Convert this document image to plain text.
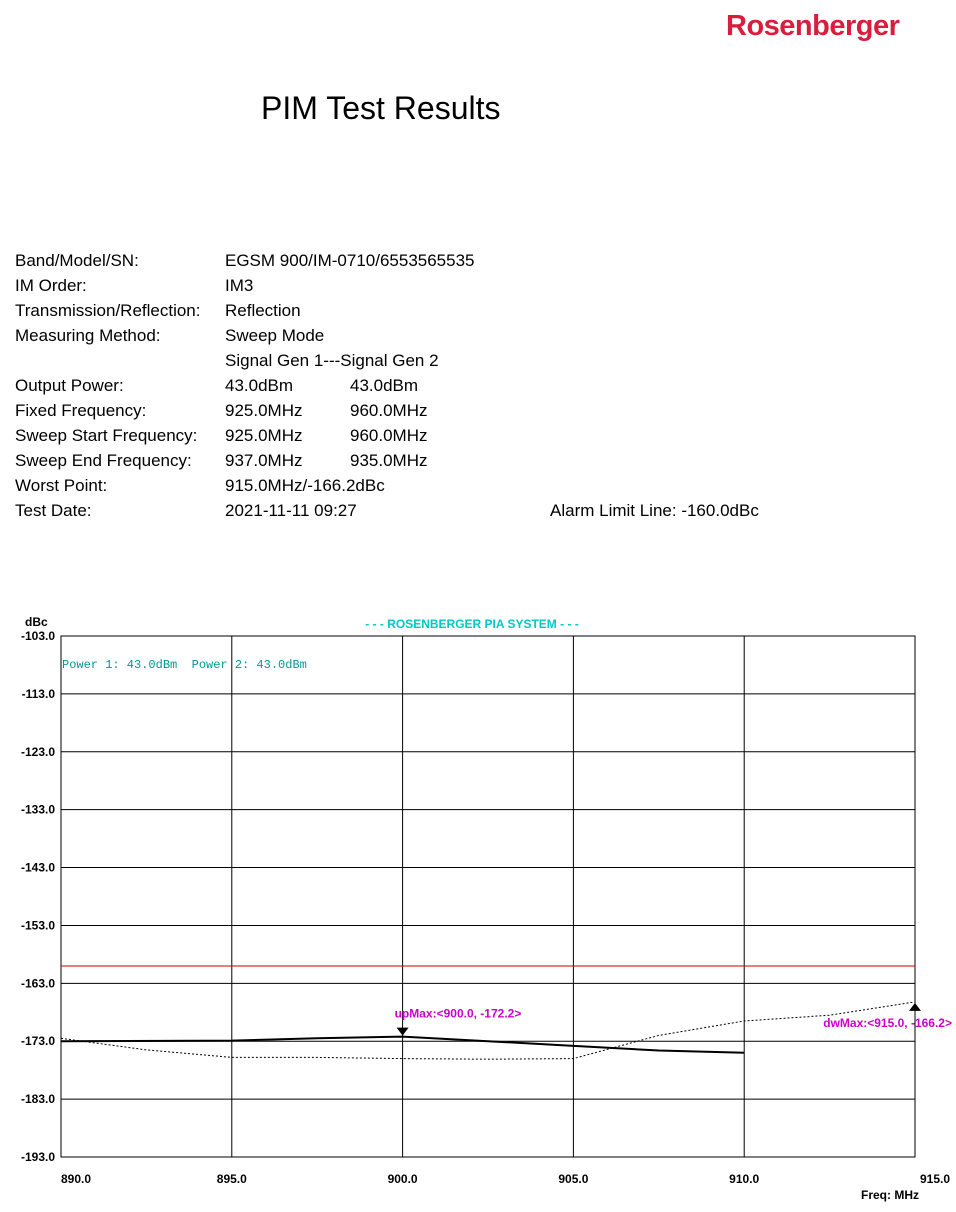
Rosenberger
PIM Test Results
Band/Model/SN:	EGSM 900/IM-0710/6553565535
IM Order:	IM3
Transmission/Reflection: Reflection
Measuring Method:	Sweep Mode
Signal Gen 1---Signal Gen 2
Output Power:	43.0dBm	43.0dBm
Fixed Frequency:	925.0MHz	960.0MHz
Sweep Start Frequency: 925.0MHz	960.0MHz
Sweep End Frequency: 937.0MHz	935.0MHz
Worst Point:	915.0MHz/-166.2dBc
Test Date:	2021-11-11 09:27	Alarm Limit Line: -160.0dBc
-103.0
-113.0
-123.0
-133.0
-143.0
-153.0
-163.0
-173.0
-183.0
-193.0
890.0	895.0	900.0	905.0	910.0	915.0
dBc
Freq: MHz
- - - ROSENBERGER PIA SYSTEM - - -
Power 1: 43.0dBm  Power 2: 43.0dBm
upMax:<900.0, -172.2>
dwMax:<915.0, -166.2>
